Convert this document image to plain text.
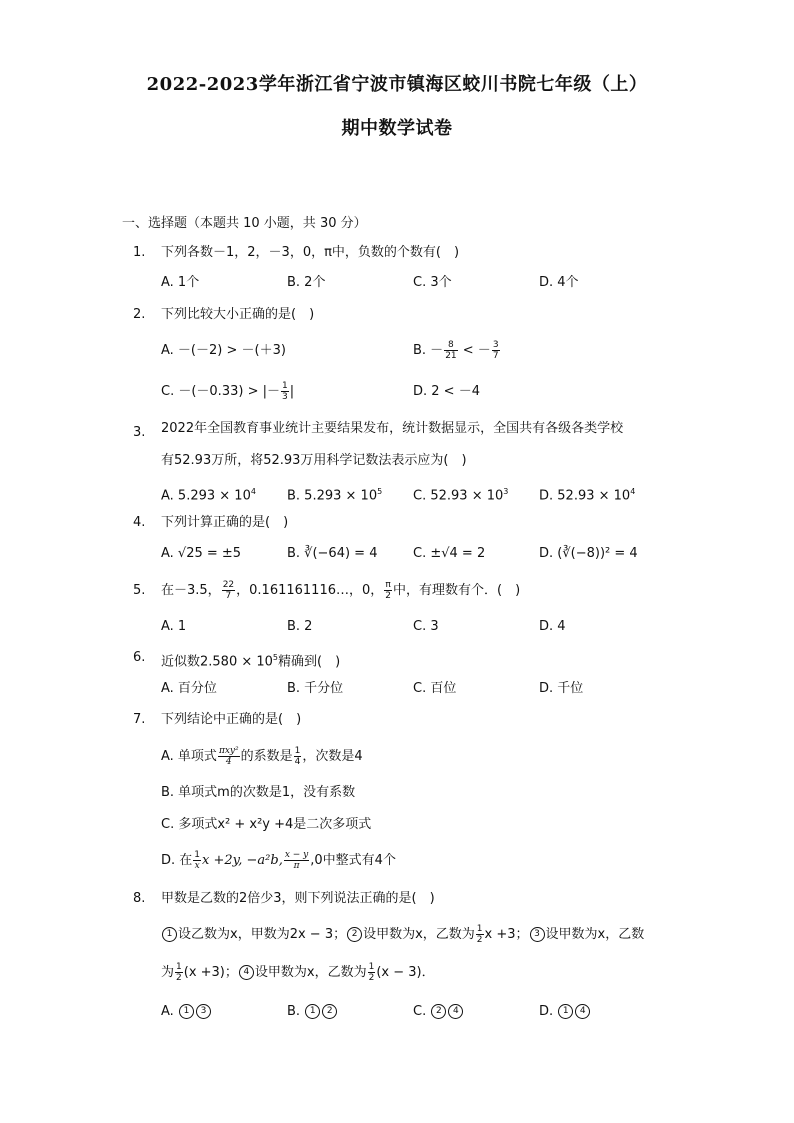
2022-2023学年浙江省宁波市镇海区蛟川书院七年级（上）
期中数学试卷
一、选择题（本题共 10 小题，共 30 分）
1. 下列各数－1，2，－3，0，π中，负数的个数有(　)
A. 1个	B. 2个	C. 3个	D. 4个
2. 下列比较大小正确的是(　)
A. －(－2) > －(＋3)	B. － $\frac{8}{21}$ < － $\frac{3}{7}$
C. －(－0.33) > |－ $\frac{1}{3}$ |	D. 2 < －4
3. 2022年全国教育事业统计主要结果发布，统计数据显示，全国共有各级各类学校
有52.93万所，将52.93万用科学记数法表示应为(　)
A. $5.293 \times 10^4$ B. $5.293 \times 10^5$ C. $52.93 \times 10^3$ D. $52.93 \times 10^4$
4. 下列计算正确的是(　)
A. √25 = ±5	B. ∛(−64) = 4	C. ±√4 = 2	D. (∛(−8))² = 4
5. 在－3.5， $\frac{22}{7}$ ，0.161161116…，0， $\frac{\pi}{2}$ 中，有理数有个．(　)
A. 1	B. 2	C. 3	D. 4
6. 近似数$2.580 \times 10^5$精确到(　)
A. 百分位	B. 千分位	C. 百位	D. 千位
7. 下列结论中正确的是(　)
A. 单项式 $\frac{\text{πxy²}}{4}$ 的系数是 $\frac{1}{4}$ ，次数是4
B. 单项式m的次数是1，没有系数
C. 多项式x² + x²y +4是二次多项式
D. 在 $\frac{1}{x}$ x +2y, −a²b, $\frac{x - y}{\pi} ,0$中整式有4个
8. 甲数是乙数的2倍少3，则下列说法正确的是(　)
1 设乙数为x，甲数为2x − 3； 2 设甲数为x，乙数为 $\frac{1}{2}$ x +3； 3 设甲数为x，乙数
为 $\frac{1}{2} (x +3)$； 4 设甲数为x，乙数为 $\frac{1}{2} (x - 3)$．
A. 1 3	B. 1 2	C. 2 4	D. 1 4
